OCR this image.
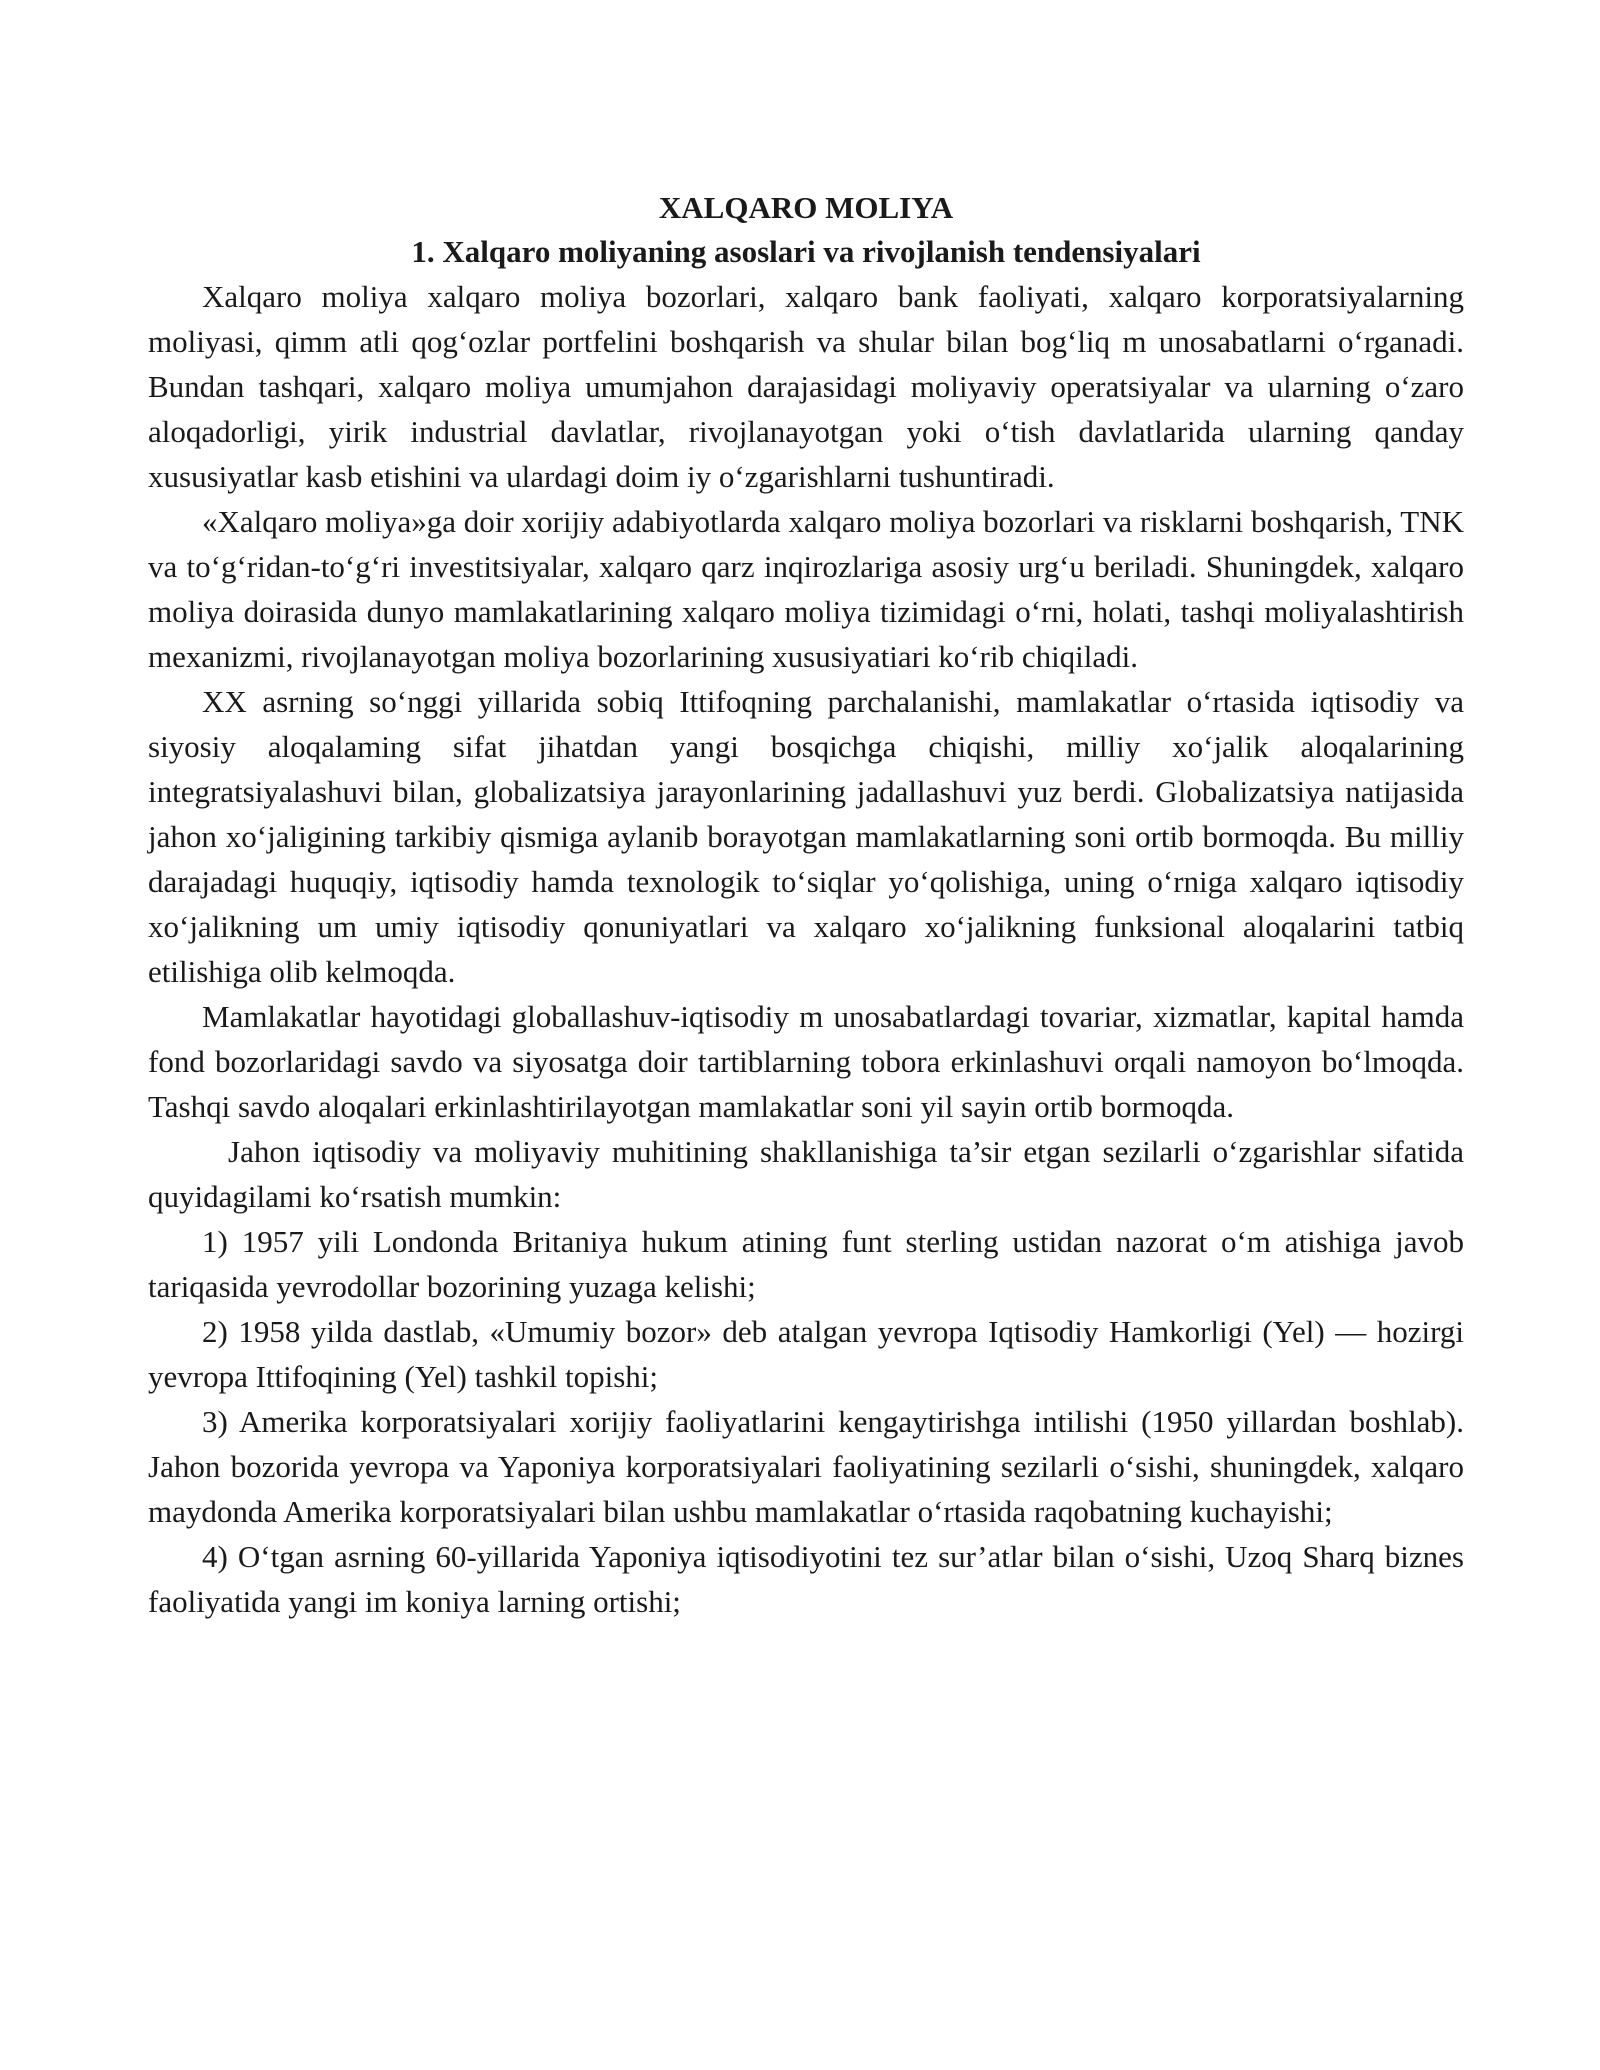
XALQARO MOLIYA
1. Xalqaro moliyaning asoslari va rivojlanish tendensiyalari

Xalqaro moliya xalqaro moliya bozorlari, xalqaro bank faoliyati, xalqaro korporatsiyalarning moliyasi, qimm atli qog‘ozlar portfelini boshqarish va shular bilan bog‘liq m unosabatlarni o‘rganadi. Bundan tashqari, xalqaro moliya umumjahon darajasidagi moliyaviy operatsiyalar va ularning o‘zaro aloqadorligi, yirik industrial davlatlar, rivojlanayotgan yoki o‘tish davlatlarida ularning qanday xususiyatlar kasb etishini va ulardagi doim iy o‘zgarishlarni tushuntiradi.

«Xalqaro moliya»ga doir xorijiy adabiyotlarda xalqaro moliya bozorlari va risklarni boshqarish, TNK va to‘g‘ridan-to‘g‘ri investitsiyalar, xalqaro qarz inqirozlariga asosiy urg‘u beriladi. Shuningdek, xalqaro moliya doirasida dunyo mamlakatlarining xalqaro moliya tizimidagi o‘rni, holati, tashqi moliyalashtirish mexanizmi, rivojlanayotgan moliya bozorlarining xususiyatiari ko‘rib chiqiladi.

XX asrning so‘nggi yillarida sobiq Ittifoqning parchalanishi, mamlakatlar o‘rtasida iqtisodiy va siyosiy aloqalaming sifat jihatdan yangi bosqichga chiqishi, milliy xo‘jalik aloqalarining integratsiyalashuvi bilan, globalizatsiya jarayonlarining jadallashuvi yuz berdi. Globalizatsiya natijasida jahon xo‘jaligining tarkibiy qismiga aylanib borayotgan mamlakatlarning soni ortib bormoqda. Bu milliy darajadagi huquqiy, iqtisodiy hamda texnologik to‘siqlar yo‘qolishiga, uning o‘rniga xalqaro iqtisodiy xo‘jalikning um umiy iqtisodiy qonuniyatlari va xalqaro xo‘jalikning funksional aloqalarini tatbiq etilishiga olib kelmoqda.

Mamlakatlar hayotidagi globallashuv-iqtisodiy m unosabatlardagi tovariar, xizmatlar, kapital hamda fond bozorlaridagi savdo va siyosatga doir tartiblarning tobora erkinlashuvi orqali namoyon bo‘lmoqda. Tashqi savdo aloqalari erkinlashtirilayotgan mamlakatlar soni yil sayin ortib bormoqda.

Jahon iqtisodiy va moliyaviy muhitining shakllanishiga ta’sir etgan sezilarli o‘zgarishlar sifatida quyidagilami ko‘rsatish mumkin:

1) 1957 yili Londonda Britaniya hukum atining funt sterling ustidan nazorat o‘m atishiga javob tariqasida yevrodollar bozorining yuzaga kelishi;

2) 1958 yilda dastlab, «Umumiy bozor» deb atalgan yevropa Iqtisodiy Hamkorligi (Yel) — hozirgi yevropa Ittifoqining (Yel) tashkil topishi;

3) Amerika korporatsiyalari xorijiy faoliyatlarini kengaytirishga intilishi (1950 yillardan boshlab). Jahon bozorida yevropa va Yaponiya korporatsiyalari faoliyatining sezilarli o‘sishi, shuningdek, xalqaro maydonda Amerika korporatsiyalari bilan ushbu mamlakatlar o‘rtasida raqobatning kuchayishi;

4) O‘tgan asrning 60-yillarida Yaponiya iqtisodiyotini tez sur’atlar bilan o‘sishi, Uzoq Sharq biznes faoliyatida yangi im koniya larning ortishi;
